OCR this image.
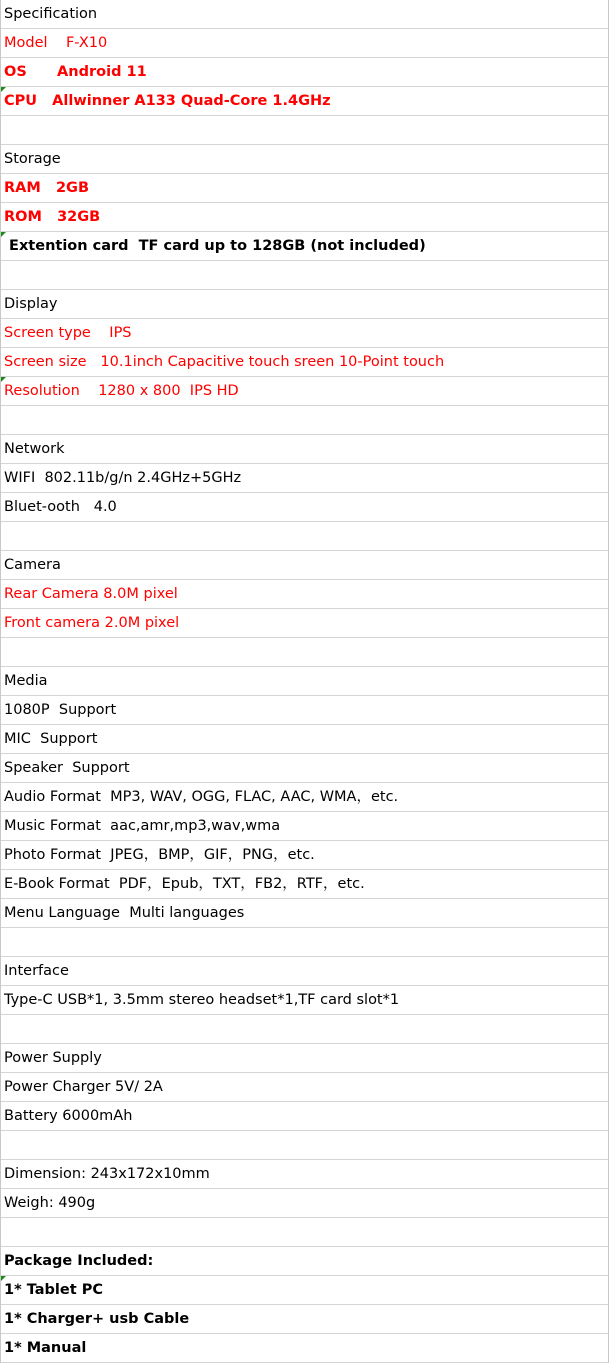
Specification
Model    F-X10
OS      Android 11
CPU   Allwinner A133 Quad-Core 1.4GHz
Storage
RAM   2GB
ROM   32GB
Extention card  TF card up to 128GB (not included)
Display
Screen type    IPS
Screen size   10.1inch Capacitive touch sreen 10-Point touch
Resolution    1280 x 800  IPS HD
Network
WIFI  802.11b/g/n 2.4GHz+5GHz
Bluet-ooth   4.0
Camera
Rear Camera 8.0M pixel
Front camera 2.0M pixel
Media
1080P  Support
MIC  Support
Speaker  Support
Audio Format  MP3, WAV, OGG, FLAC, AAC, WMA，etc.
Music Format  aac,amr,mp3,wav,wma
Photo Format  JPEG，BMP，GIF，PNG，etc.
E-Book Format  PDF，Epub，TXT，FB2，RTF，etc.
Menu Language  Multi languages
Interface
Type-C USB*1, 3.5mm stereo headset*1,TF card slot*1
Power Supply
Power Charger 5V/ 2A
Battery 6000mAh
Dimension: 243x172x10mm
Weigh: 490g
Package Included:
1* Tablet PC
1* Charger+ usb Cable
1* Manual
